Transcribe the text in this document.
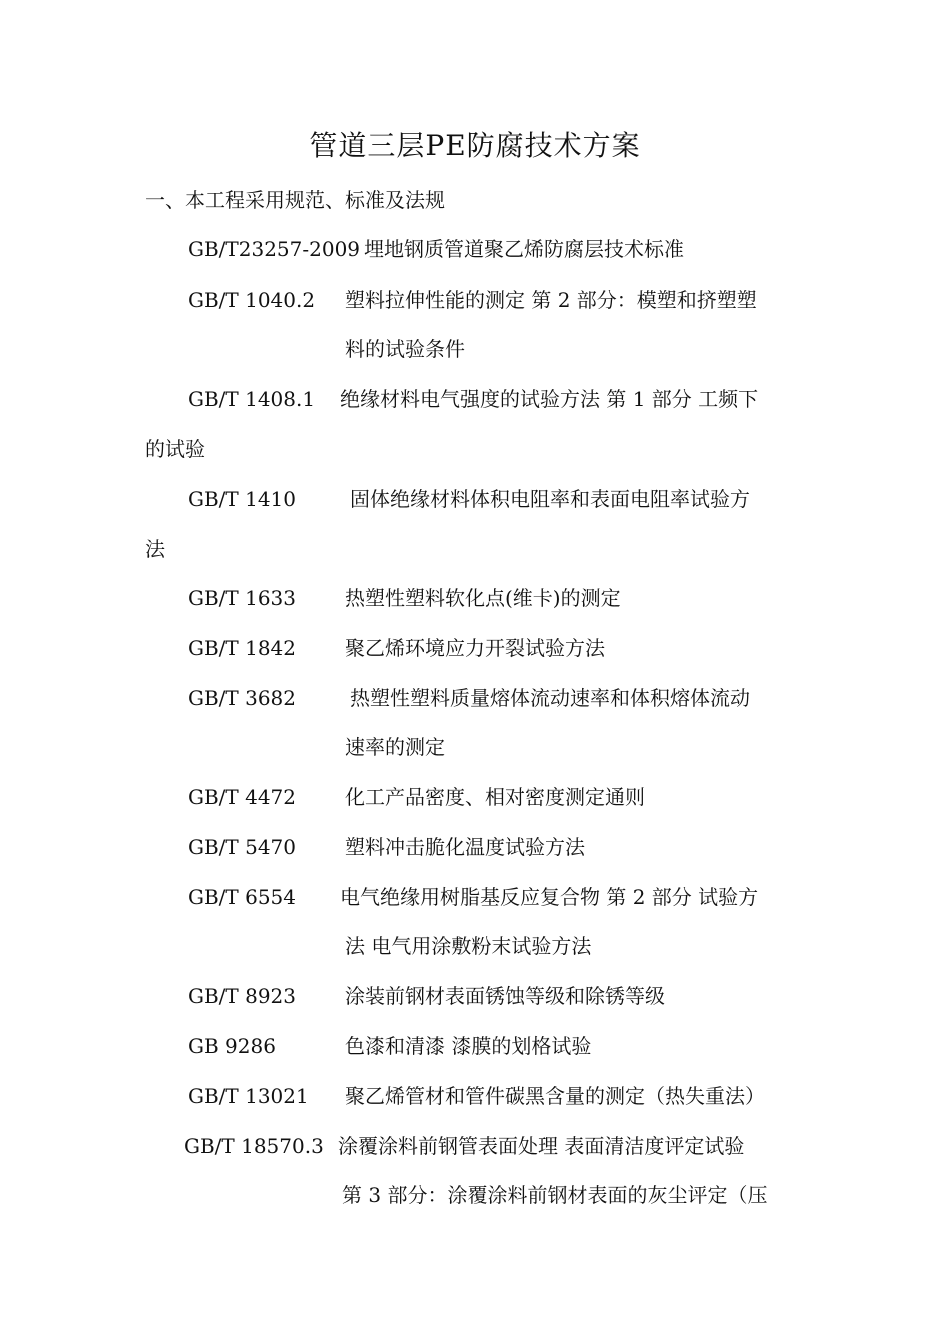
管道三层PE防腐技术方案
一、本工程采用规范、标准及法规
GB/T23257-2009 埋地钢质管道聚乙烯防腐层技术标准
GB/T 1040.2 塑料拉伸性能的测定 第 2 部分：模塑和挤塑塑
料的试验条件
GB/T 1408.1 绝缘材料电气强度的试验方法 第 1 部分 工频下
的试验
GB/T 1410	固体绝缘材料体积电阻率和表面电阻率试验方
法
GB/T 1633 热塑性塑料软化点(维卡)的测定
GB/T 1842 聚乙烯环境应力开裂试验方法
GB/T 3682	热塑性塑料质量熔体流动速率和体积熔体流动
速率的测定
GB/T 4472 化工产品密度、相对密度测定通则
GB/T 5470 塑料冲击脆化温度试验方法
GB/T 6554 电气绝缘用树脂基反应复合物 第 2 部分 试验方
法 电气用涂敷粉末试验方法
GB/T 8923 涂装前钢材表面锈蚀等级和除锈等级
GB 9286	色漆和清漆 漆膜的划格试验
GB/T 13021 聚乙烯管材和管件碳黑含量的测定（热失重法）
GB/T 18570.3 涂覆涂料前钢管表面处理 表面清洁度评定试验
第 3 部分：涂覆涂料前钢材表面的灰尘评定（压
